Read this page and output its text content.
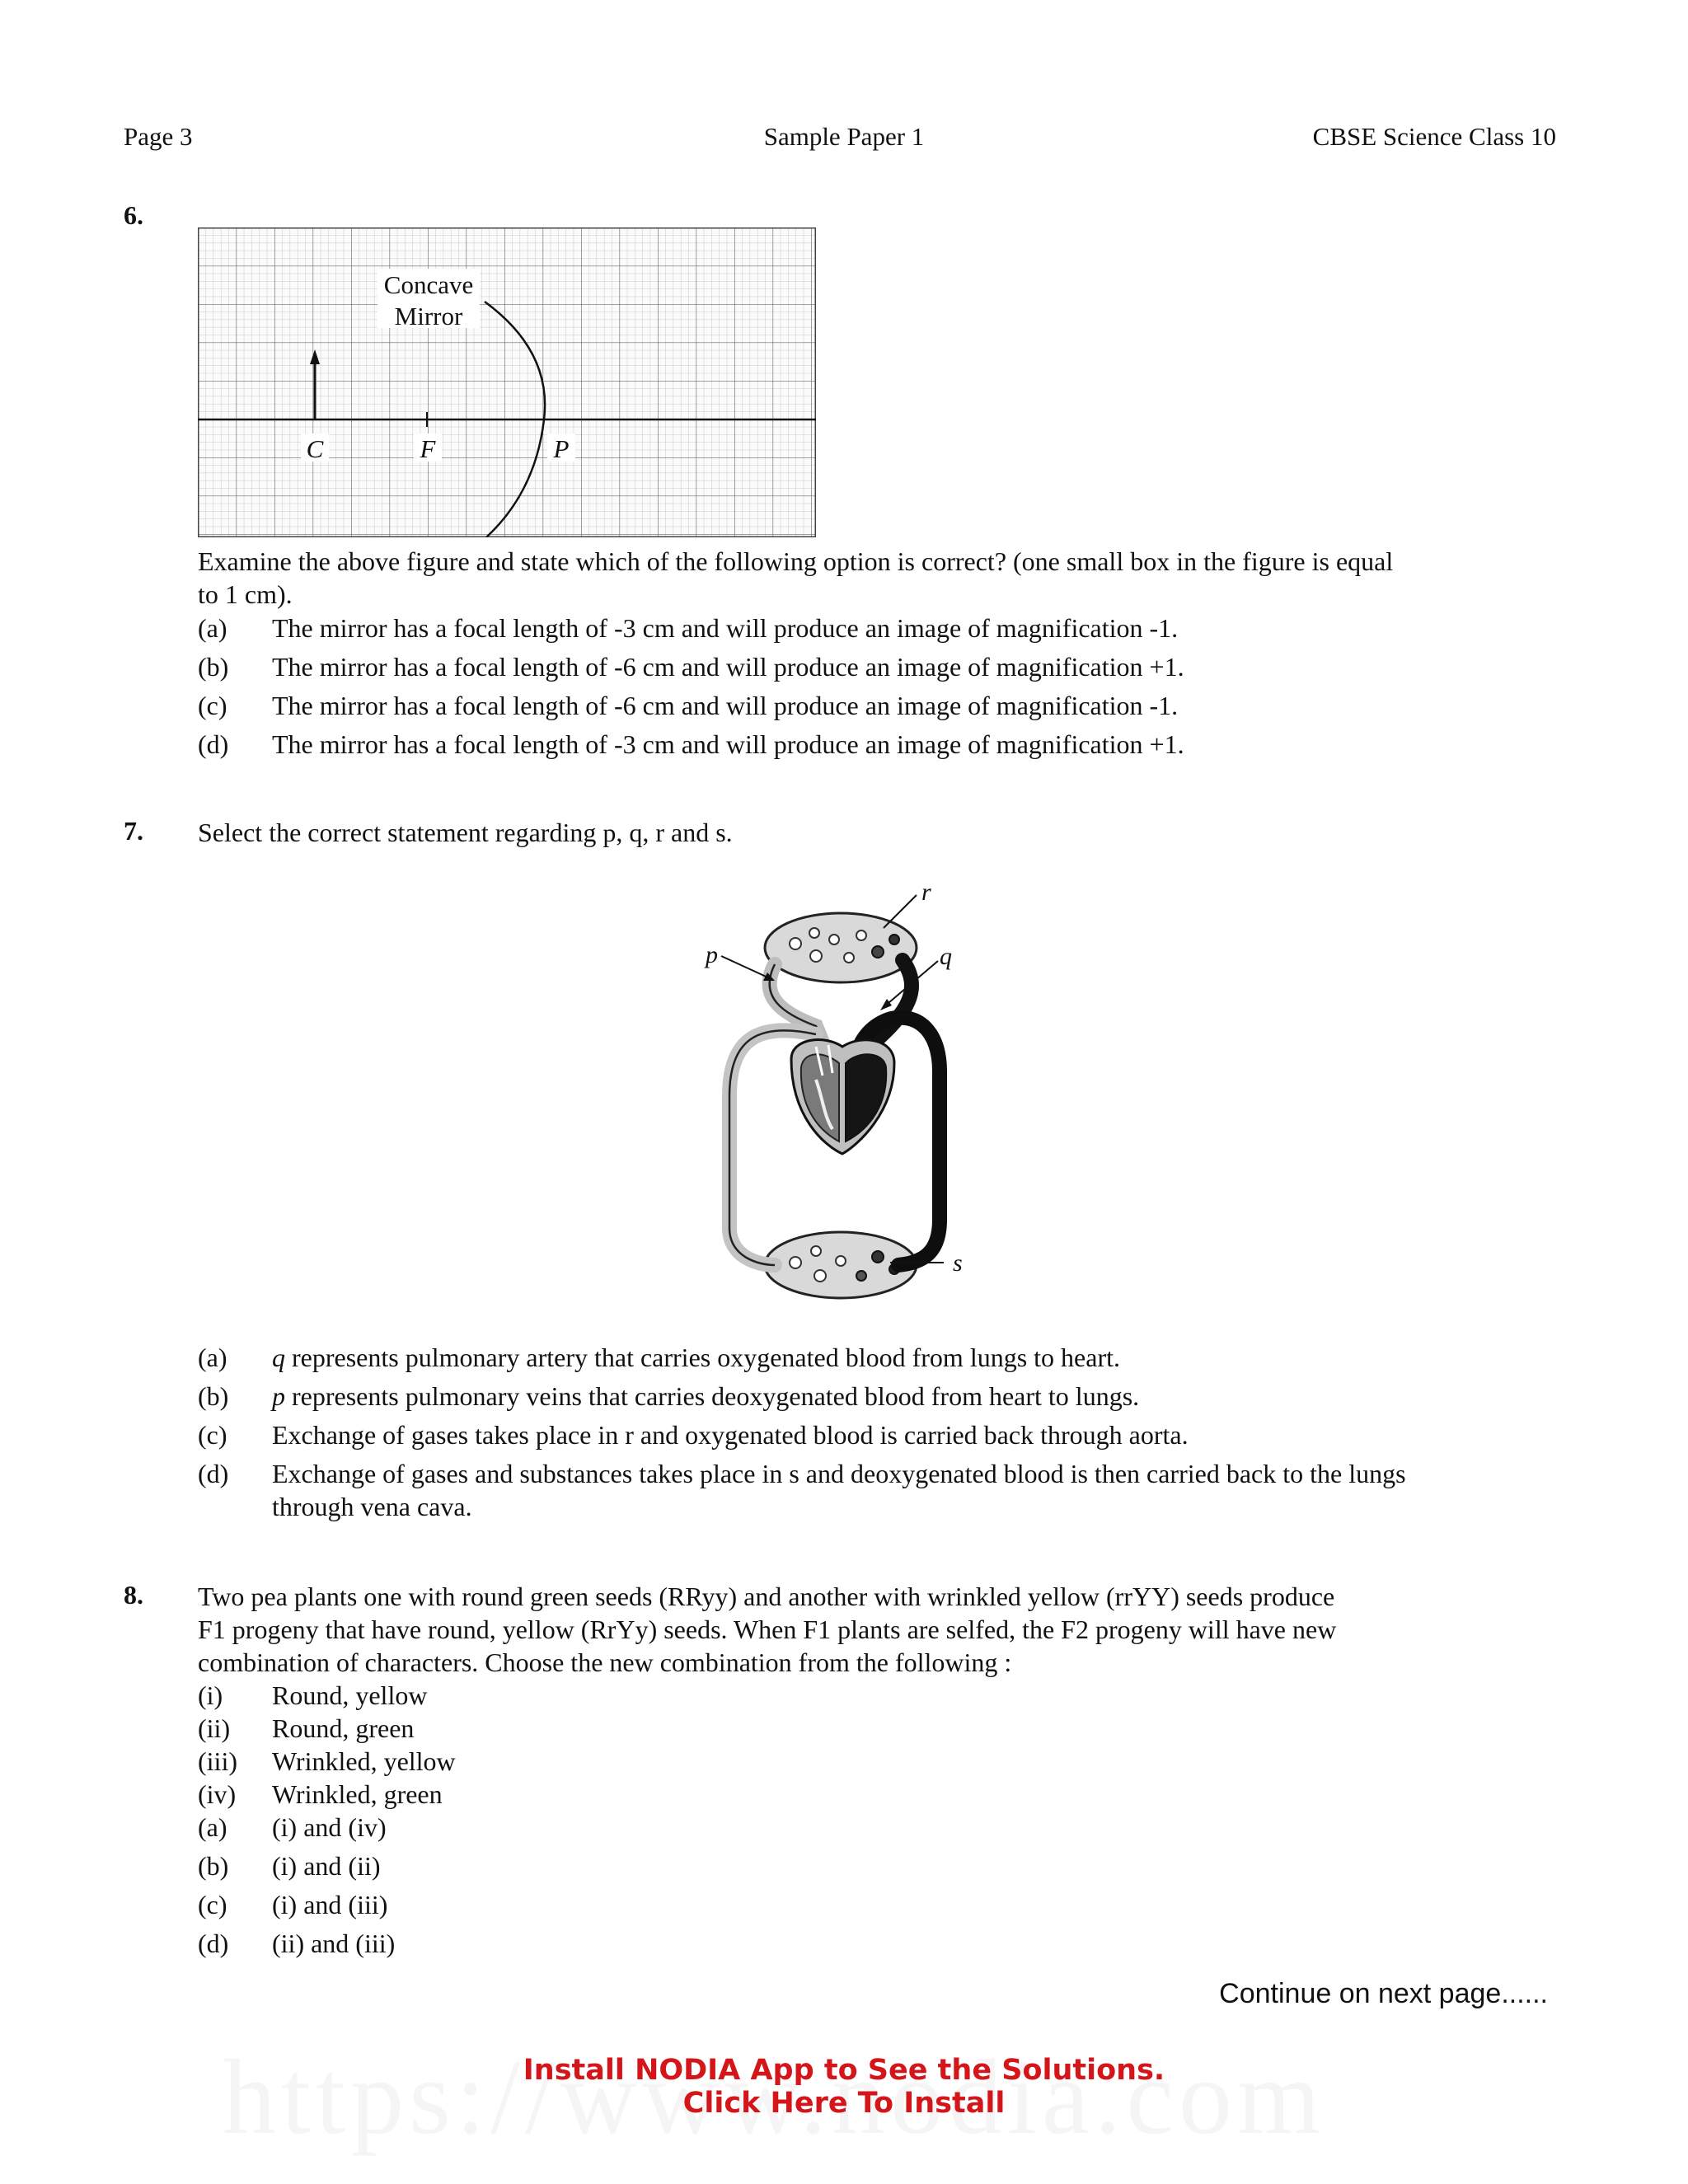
Page 3	Sample Paper 1	CBSE Science Class 10
6.
Concave
Mirror
C	F	P
Examine the above figure and state which of the following option is correct? (one small box in the figure is equal
to 1 cm).
(a) The mirror has a focal length of -3 cm and will produce an image of magnification -1.
(b) The mirror has a focal length of -6 cm and will produce an image of magnification +1.
(c) The mirror has a focal length of -6 cm and will produce an image of magnification -1.
(d) The mirror has a focal length of -3 cm and will produce an image of magnification +1.
7. Select the correct statement regarding p, q, r and s.
p
r
q
s
(a) q represents pulmonary artery that carries oxygenated blood from lungs to heart.
(b) p represents pulmonary veins that carries deoxygenated blood from heart to lungs.
(c) Exchange of gases takes place in r and oxygenated blood is carried back through aorta.
(d) Exchange of gases and substances takes place in s and deoxygenated blood is then carried back to the lungs
through vena cava.
8. Two pea plants one with round green seeds (RRyy) and another with wrinkled yellow (rrYY) seeds produce
F1 progeny that have round, yellow (RrYy) seeds. When F1 plants are selfed, the F2 progeny will have new
combination of characters. Choose the new combination from the following :
(i) Round, yellow
(ii) Round, green
(iii) Wrinkled, yellow
(iv) Wrinkled, green
(a) (i) and (iv)
(b) (i) and (ii)
(c) (i) and (iii)
(d) (ii) and (iii)
Continue on next page......
Install NODIA App to See the Solutions.
Click Here To Install
